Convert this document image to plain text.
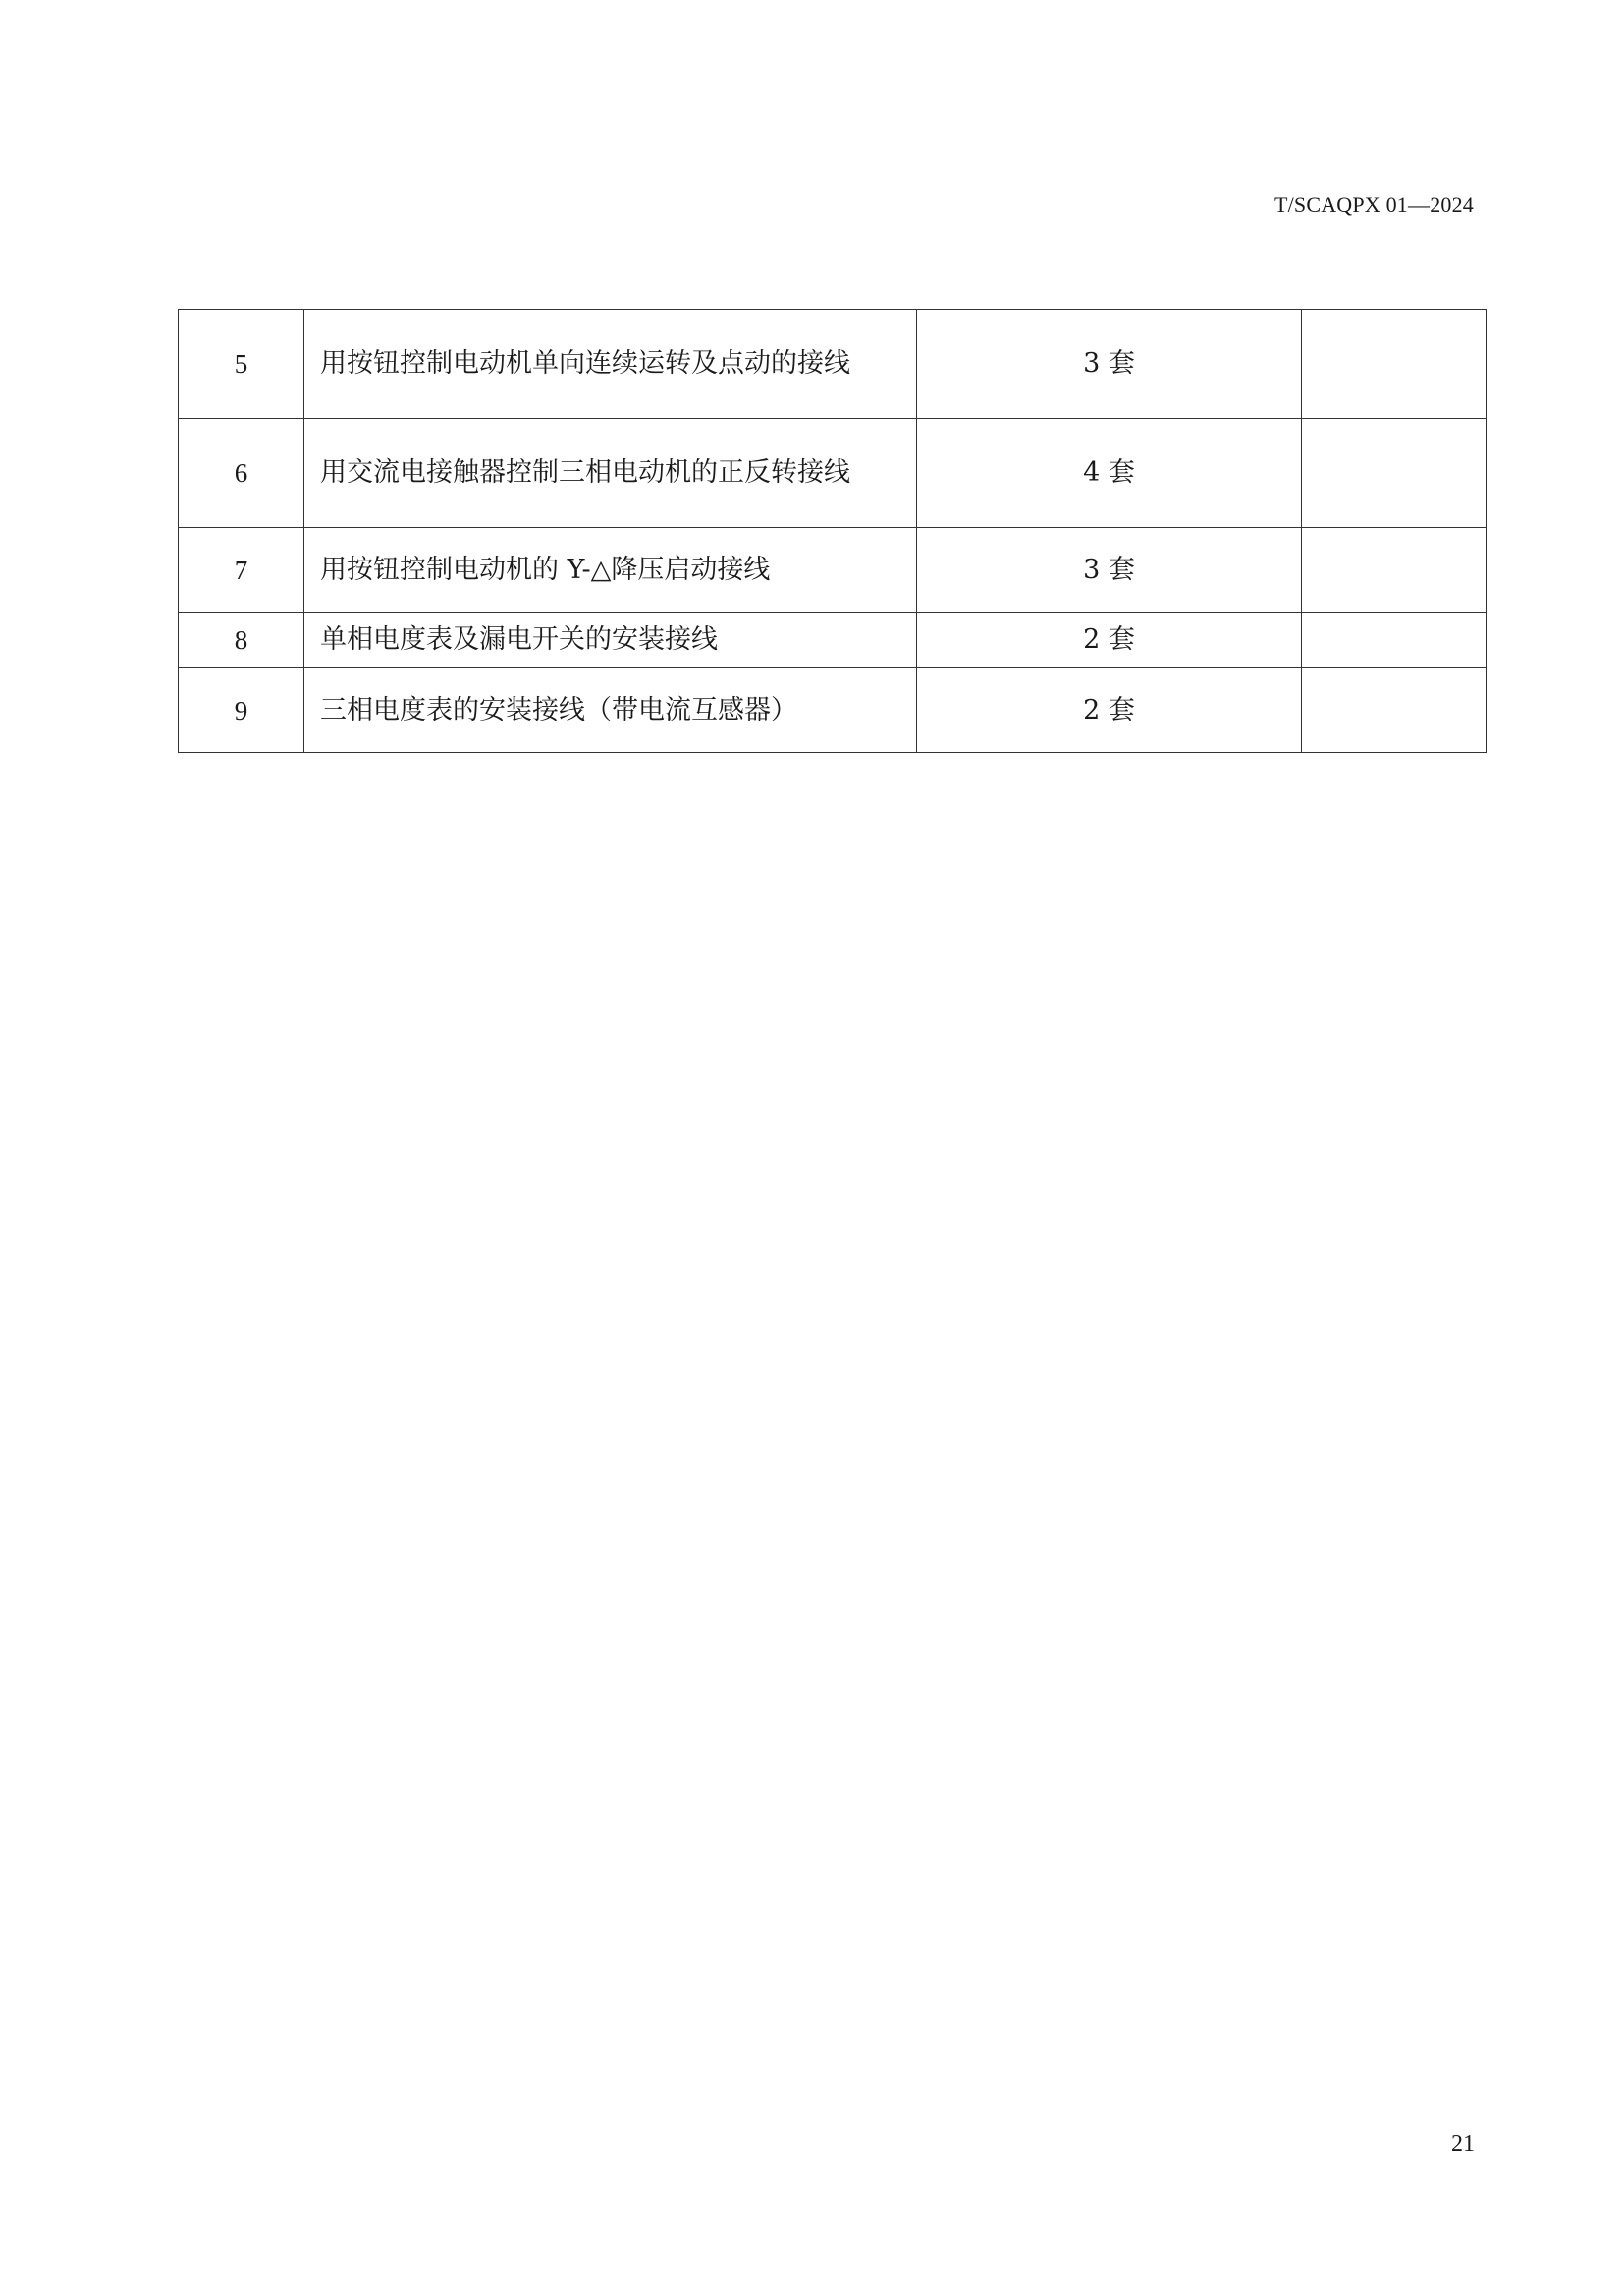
T/SCAQPX 01—2024
5	用按钮控制电动机单向连续运转及点动的接线	3 套	
6	用交流电接触器控制三相电动机的正反转接线	4 套	
7	用按钮控制电动机的 Y-△降压启动接线	3 套	
8	单相电度表及漏电开关的安装接线	2 套	
9	三相电度表的安装接线（带电流互感器）	2 套	
21
